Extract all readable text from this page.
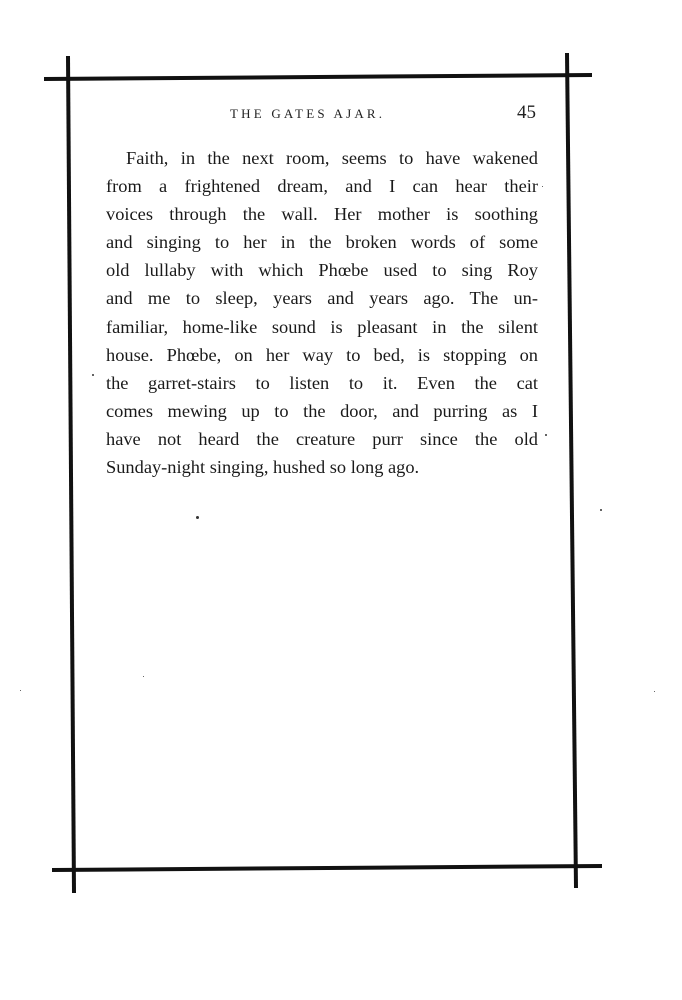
THE GATES AJAR.	45
Faith, in the next room, seems to have wakened
from a frightened dream, and I can hear their
voices through the wall. Her mother is soothing
and singing to her in the broken words of some
old lullaby with which Phœbe used to sing Roy
and me to sleep, years and years ago. The un-
familiar, home-like sound is pleasant in the silent
house. Phœbe, on her way to bed, is stopping on
the garret-stairs to listen to it. Even the cat
comes mewing up to the door, and purring as I
have not heard the creature purr since the old
Sunday-night singing, hushed so long ago.
